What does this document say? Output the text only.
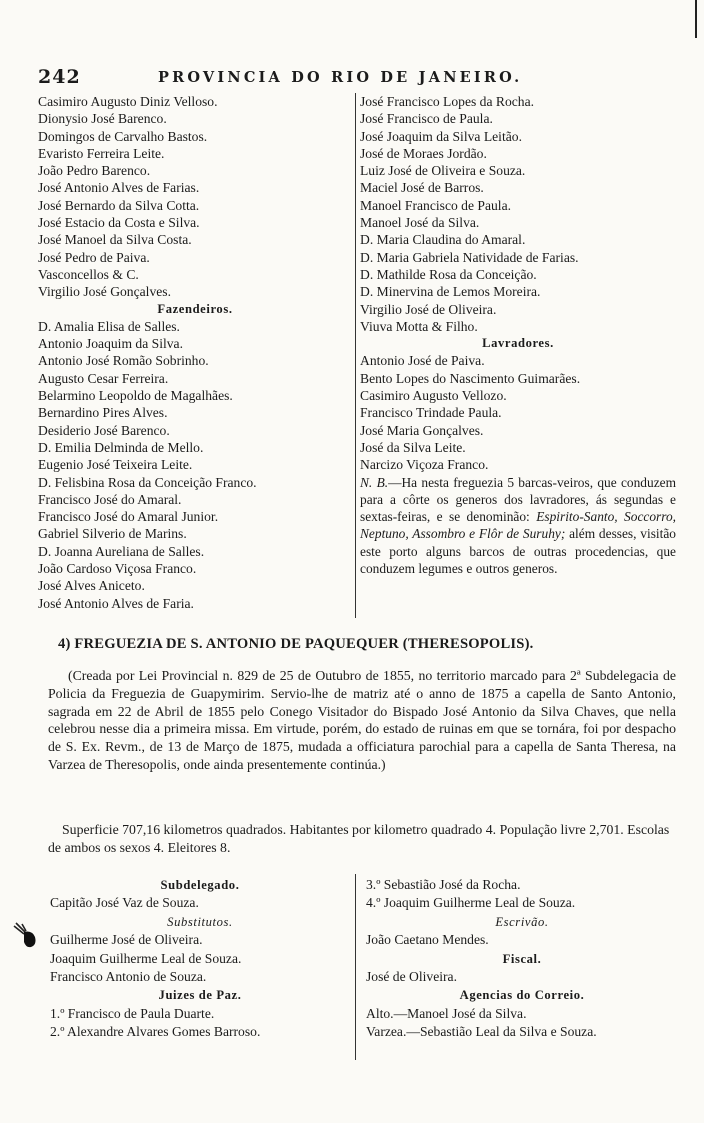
242	PROVINCIA DO RIO DE JANEIRO.
Casimiro Augusto Diniz Velloso.
Dionysio José Barenco.
Domingos de Carvalho Bastos.
Evaristo Ferreira Leite.
João Pedro Barenco.
José Antonio Alves de Farias.
José Bernardo da Silva Cotta.
José Estacio da Costa e Silva.
José Manoel da Silva Costa.
José Pedro de Paiva.
Vasconcellos & C.
Virgilio José Gonçalves.
Fazendeiros.
D. Amalia Elisa de Salles.
Antonio Joaquim da Silva.
Antonio José Romão Sobrinho.
Augusto Cesar Ferreira.
Belarmino Leopoldo de Magalhães.
Bernardino Pires Alves.
Desiderio José Barenco.
D. Emilia Delminda de Mello.
Eugenio José Teixeira Leite.
D. Felisbina Rosa da Conceição Franco.
Francisco José do Amaral.
Francisco José do Amaral Junior.
Gabriel Silverio de Marins.
D. Joanna Aureliana de Salles.
João Cardoso Viçosa Franco.
José Alves Aniceto.
José Antonio Alves de Faria.
José Francisco Lopes da Rocha.
José Francisco de Paula.
José Joaquim da Silva Leitão.
José de Moraes Jordão.
Luiz José de Oliveira e Souza.
Maciel José de Barros.
Manoel Francisco de Paula.
Manoel José da Silva.
D. Maria Claudina do Amaral.
D. Maria Gabriela Natividade de Farias.
D. Mathilde Rosa da Conceição.
D. Minervina de Lemos Moreira.
Virgilio José de Oliveira.
Viuva Motta & Filho.
Lavradores.
Antonio José de Paiva.
Bento Lopes do Nascimento Guimarães.
Casimiro Augusto Vellozo.
Francisco Trindade Paula.
José Maria Gonçalves.
José da Silva Leite.
Narcizo Viçoza Franco.
N. B.—Ha nesta freguezia 5 barcas-veiros, que conduzem para a côrte os generos dos lavradores, ás segundas e sextas-feiras, e se denominão: Espirito-Santo, Soccorro, Neptuno, Assombro e Flôr de Suruhy; além desses, visitão este porto alguns barcos de outras procedencias, que conduzem legumes e outros generos.
4) FREGUEZIA DE S. ANTONIO DE PAQUEQUER (THERESOPOLIS).

(Creada por Lei Provincial n. 829 de 25 de Outubro de 1855, no territorio marcado para 2ª Subdelegacia de Policia da Freguezia de Guapymirim. Servio-lhe de matriz até o anno de 1875 a capella de Santo Antonio, sagrada em 22 de Abril de 1855 pelo Conego Visitador do Bispado José Antonio da Silva Chaves, que nella celebrou nesse dia a primeira missa. Em virtude, porém, do estado de ruinas em que se tornára, foi por despacho de S. Ex. Revm., de 13 de Março de 1875, mudada a officiatura parochial para a capella de Santa Theresa, na Varzea de Theresopolis, onde ainda presentemente continúa.)

Superficie 707,16 kilometros quadrados. Habitantes por kilometro quadrado 4. População livre 2,701. Escolas de ambos os sexos 4. Eleitores 8.

Subdelegado.
Capitão José Vaz de Souza.
Substitutos.
Guilherme José de Oliveira.
Joaquim Guilherme Leal de Souza.
Francisco Antonio de Souza.
Juizes de Paz.
1.º Francisco de Paula Duarte.
2.º Alexandre Alvares Gomes Barroso.
3.º Sebastião José da Rocha.
4.º Joaquim Guilherme Leal de Souza.
Escrivão.
João Caetano Mendes.
Fiscal.
José de Oliveira.
Agencias do Correio.
Alto.—Manoel José da Silva.
Varzea.—Sebastião Leal da Silva e Souza.
